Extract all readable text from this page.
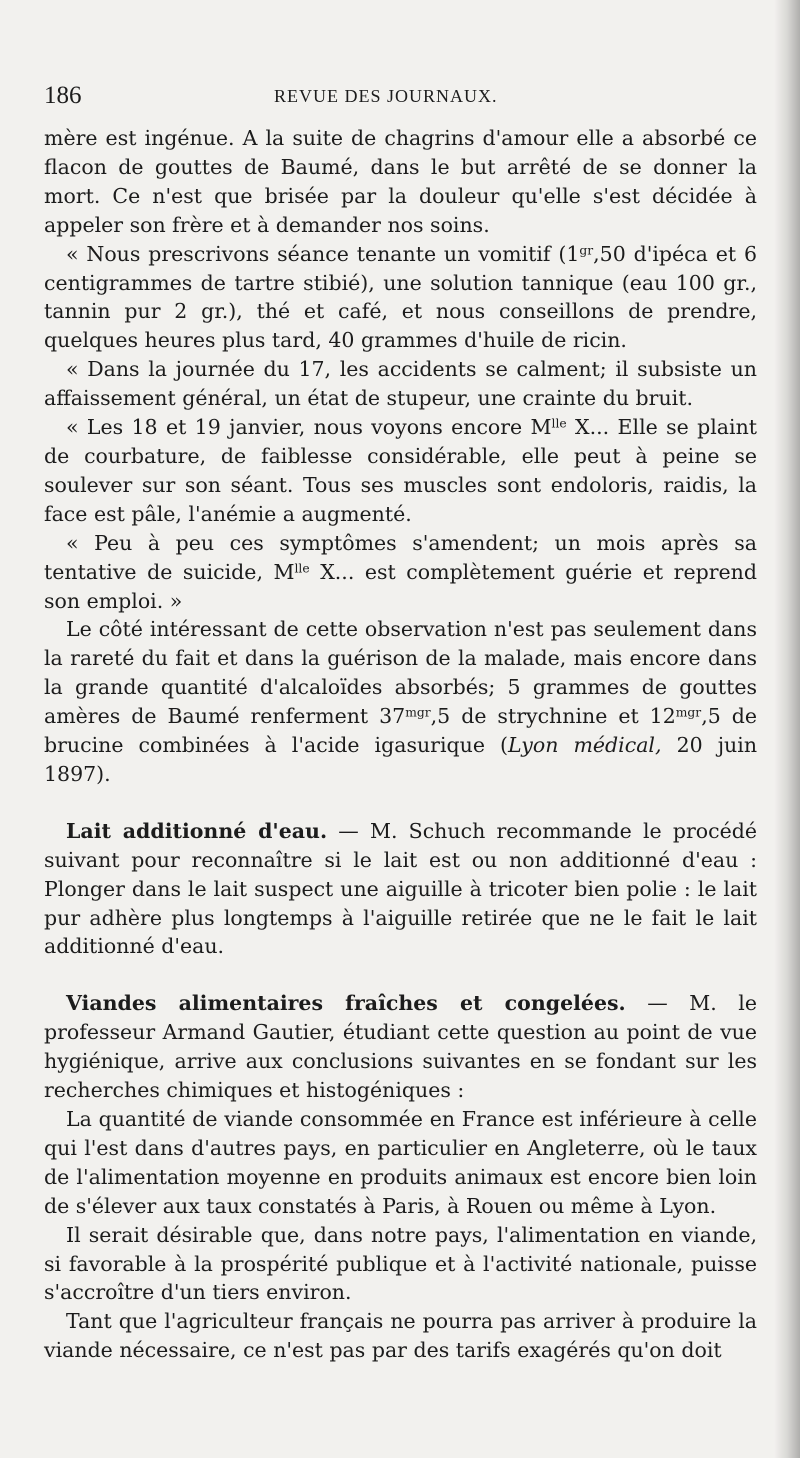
186	REVUE DES JOURNAUX.

mère est ingénue. A la suite de chagrins d'amour elle a absorbé ce flacon de gouttes de Baumé, dans le but arrêté de se donner la mort. Ce n'est que brisée par la douleur qu'elle s'est décidée à appeler son frère et à demander nos soins.

« Nous prescrivons séance tenante un vomitif ($1^{gr},50$ d'ipéca et 6 centigrammes de tartre stibié), une solution tannique (eau 100 gr., tannin pur 2 gr.), thé et café, et nous conseillons de prendre, quelques heures plus tard, 40 grammes d'huile de ricin.

« Dans la journée du 17, les accidents se calment; il subsiste un affaissement général, un état de stupeur, une crainte du bruit.

« Les 18 et 19 janvier, nous voyons encore $M^{lle}$ X... Elle se plaint de courbature, de faiblesse considérable, elle peut à peine se soulever sur son séant. Tous ses muscles sont endoloris, raidis, la face est pâle, l'anémie a augmenté.

« Peu à peu ces symptômes s'amendent; un mois après sa tentative de suicide, $M^{lle}$ X... est complètement guérie et reprend son emploi. »

Le côté intéressant de cette observation n'est pas seulement dans la rareté du fait et dans la guérison de la malade, mais encore dans la grande quantité d'alcaloïdes absorbés; 5 grammes de gouttes amères de Baumé renferment $37^{mgr},5$ de strychnine et $12^{mgr},5$ de brucine combinées à l'acide igasurique (Lyon médical, 20 juin 1897).

Lait additionné d'eau. — M. Schuch recommande le procédé suivant pour reconnaître si le lait est ou non additionné d'eau : Plonger dans le lait suspect une aiguille à tricoter bien polie : le lait pur adhère plus longtemps à l'aiguille retirée que ne le fait le lait additionné d'eau.

Viandes alimentaires fraîches et congelées. — M. le professeur Armand Gautier, étudiant cette question au point de vue hygiénique, arrive aux conclusions suivantes en se fondant sur les recherches chimiques et histogéniques :

La quantité de viande consommée en France est inférieure à celle qui l'est dans d'autres pays, en particulier en Angleterre, où le taux de l'alimentation moyenne en produits animaux est encore bien loin de s'élever aux taux constatés à Paris, à Rouen ou même à Lyon.

Il serait désirable que, dans notre pays, l'alimentation en viande, si favorable à la prospérité publique et à l'activité nationale, puisse s'accroître d'un tiers environ.

Tant que l'agriculteur français ne pourra pas arriver à produire la viande nécessaire, ce n'est pas par des tarifs exagérés qu'on doit
